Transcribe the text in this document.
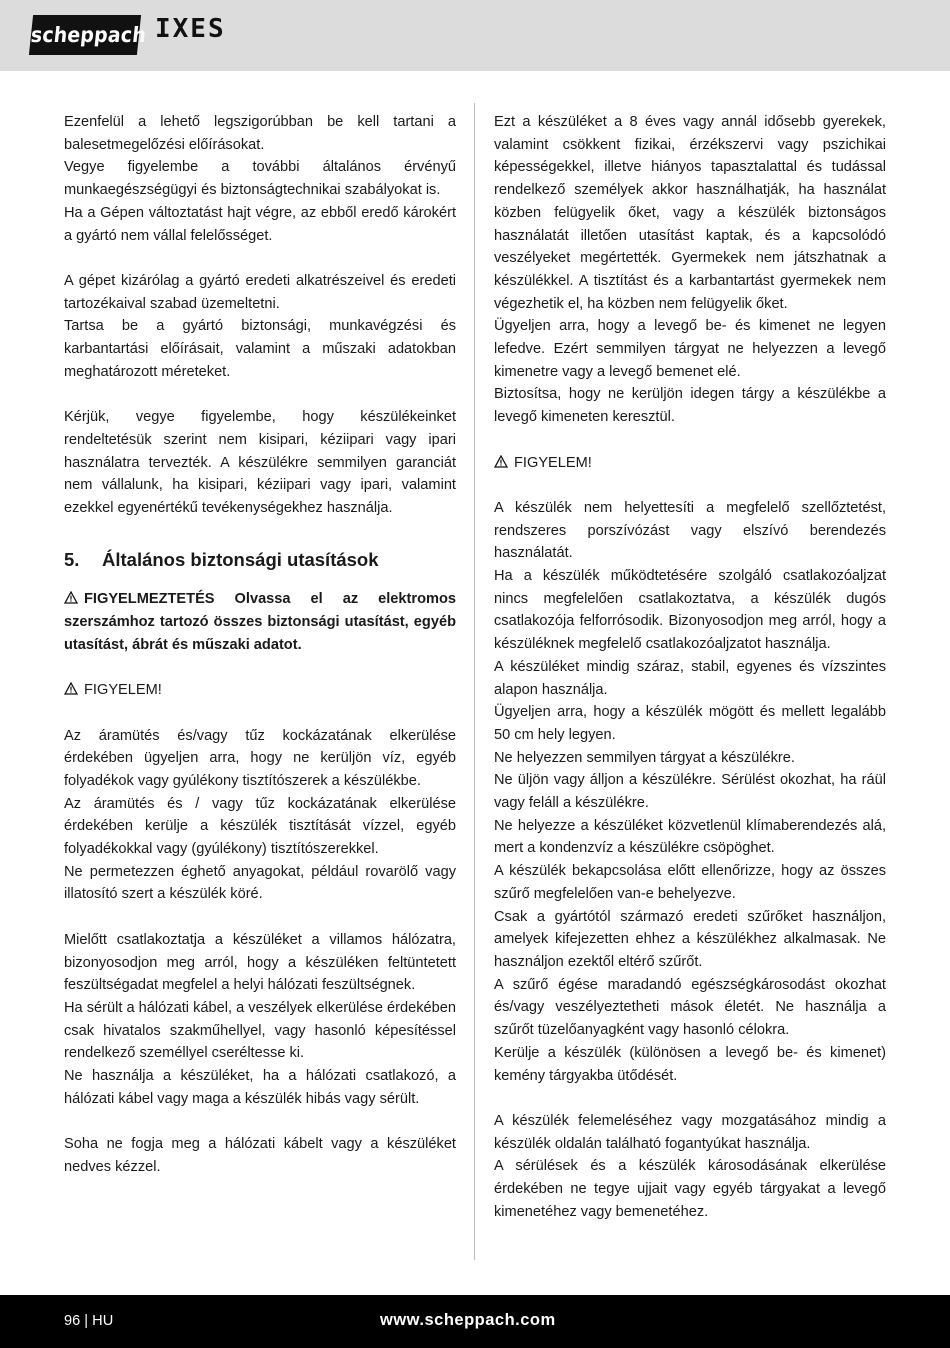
scheppach IXES

Ezenfelül a lehető legszigorúbban be kell tartani a balesetmegelőzési előírásokat.

Vegye figyelembe a további általános érvényű munkaegészségügyi és biztonságtechnikai szabályokat is.

Ha a Gépen változtatást hajt végre, az ebből eredő károkért a gyártó nem vállal felelősséget.

A gépet kizárólag a gyártó eredeti alkatrészeivel és eredeti tartozékaival szabad üzemeltetni.

Tartsa be a gyártó biztonsági, munkavégzési és karbantartási előírásait, valamint a műszaki adatokban meghatározott méreteket.

Kérjük, vegye figyelembe, hogy készülékeinket rendeltetésük szerint nem kisipari, kéziipari vagy ipari használatra tervezték. A készülékre semmilyen garanciát nem vállalunk, ha kisipari, kéziipari vagy ipari, valamint ezekkel egyenértékű tevékenységekhez használja.

5. Általános biztonsági utasítások

FIGYELMEZTETÉS Olvassa el az elektromos szerszámhoz tartozó összes biztonsági utasítást, egyéb utasítást, ábrát és műszaki adatot.

FIGYELEM!

Az áramütés és/vagy tűz kockázatának elkerülése érdekében ügyeljen arra, hogy ne kerüljön víz, egyéb folyadékok vagy gyúlékony tisztítószerek a készülékbe.

Az áramütés és / vagy tűz kockázatának elkerülése érdekében kerülje a készülék tisztítását vízzel, egyéb folyadékokkal vagy (gyúlékony) tisztítószerekkel.

Ne permetezzen éghető anyagokat, például rovarölő vagy illatosító szert a készülék köré.

Mielőtt csatlakoztatja a készüléket a villamos hálózatra, bizonyosodjon meg arról, hogy a készüléken feltüntetett feszültségadat megfelel a helyi hálózati feszültségnek.

Ha sérült a hálózati kábel, a veszélyek elkerülése érdekében csak hivatalos szakműhellyel, vagy hasonló képesítéssel rendelkező személlyel cseréltesse ki.

Ne használja a készüléket, ha a hálózati csatlakozó, a hálózati kábel vagy maga a készülék hibás vagy sérült.

Soha ne fogja meg a hálózati kábelt vagy a készüléket nedves kézzel.

Ezt a készüléket a 8 éves vagy annál idősebb gyerekek, valamint csökkent fizikai, érzékszervi vagy pszichikai képességekkel, illetve hiányos tapasztalattal és tudással rendelkező személyek akkor használhatják, ha használat közben felügyelik őket, vagy a készülék biztonságos használatát illetően utasítást kaptak, és a kapcsolódó veszélyeket megértették. Gyermekek nem játszhatnak a készülékkel. A tisztítást és a karbantartást gyermekek nem végezhetik el, ha közben nem felügyelik őket.

Ügyeljen arra, hogy a levegő be- és kimenet ne legyen lefedve. Ezért semmilyen tárgyat ne helyezzen a levegő kimenetre vagy a levegő bemenet elé.

Biztosítsa, hogy ne kerüljön idegen tárgy a készülékbe a levegő kimeneten keresztül.

FIGYELEM!

A készülék nem helyettesíti a megfelelő szellőztetést, rendszeres porszívózást vagy elszívó berendezés használatát.

Ha a készülék működtetésére szolgáló csatlakozóaljzat nincs megfelelően csatlakoztatva, a készülék dugós csatlakozója felforrósodik. Bizonyosodjon meg arról, hogy a készüléknek megfelelő csatlakozóaljzatot használja.

A készüléket mindig száraz, stabil, egyenes és vízszintes alapon használja.

Ügyeljen arra, hogy a készülék mögött és mellett legalább 50 cm hely legyen.

Ne helyezzen semmilyen tárgyat a készülékre.

Ne üljön vagy álljon a készülékre. Sérülést okozhat, ha ráül vagy feláll a készülékre.

Ne helyezze a készüléket közvetlenül klímaberendezés alá, mert a kondenzvíz a készülékre csöpöghet.

A készülék bekapcsolása előtt ellenőrizze, hogy az összes szűrő megfelelően van-e behelyezve.

Csak a gyártótól származó eredeti szűrőket használjon, amelyek kifejezetten ehhez a készülékhez alkalmasak. Ne használjon ezektől eltérő szűrőt.

A szűrő égése maradandó egészségkárosodást okozhat és/vagy veszélyeztetheti mások életét. Ne használja a szűrőt tüzelőanyagként vagy hasonló célokra.

Kerülje a készülék (különösen a levegő be- és kimenet) kemény tárgyakba ütődését.

A készülék felemeléséhez vagy mozgatásához mindig a készülék oldalán található fogantyúkat használja.

A sérülések és a készülék károsodásának elkerülése érdekében ne tegye ujjait vagy egyéb tárgyakat a levegő kimenetéhez vagy bemenetéhez.

96 | HU	www.scheppach.com
